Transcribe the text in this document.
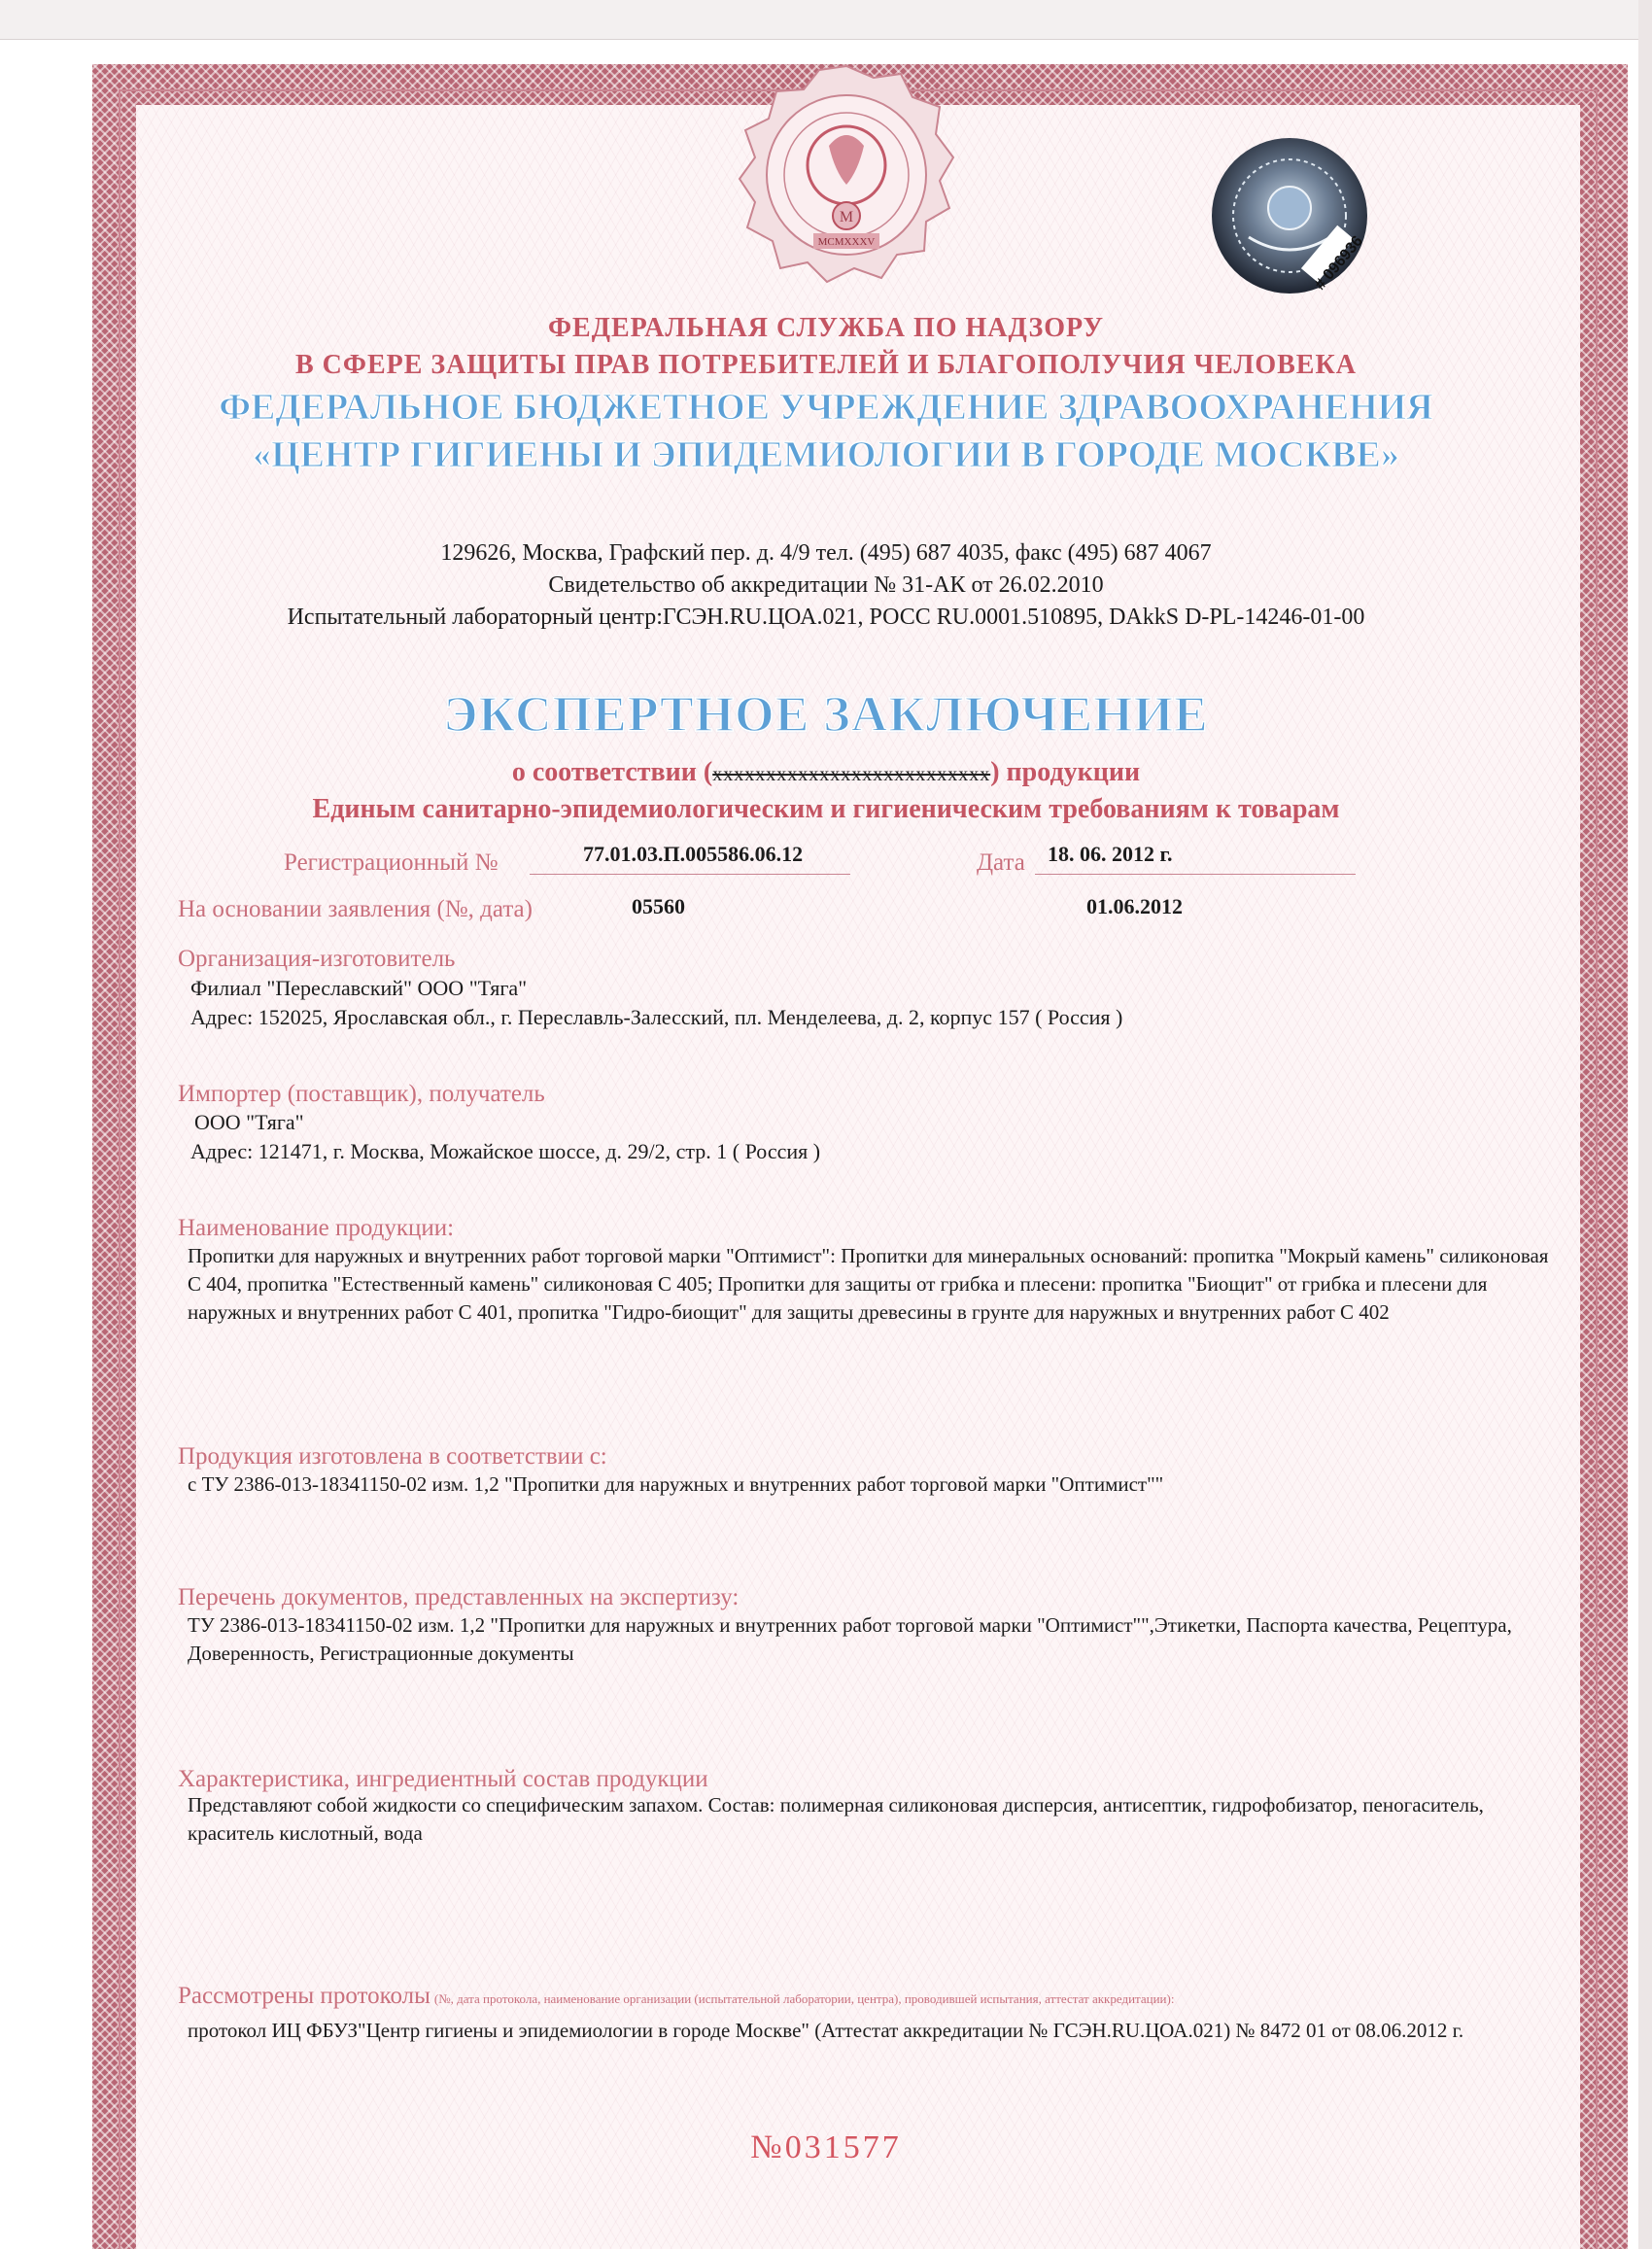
M
MCMXXXV	# 096936
ФЕДЕРАЛЬНАЯ СЛУЖБА ПО НАДЗОРУ
В СФЕРЕ ЗАЩИТЫ ПРАВ ПОТРЕБИТЕЛЕЙ И БЛАГОПОЛУЧИЯ ЧЕЛОВЕКА
ФЕДЕРАЛЬНОЕ БЮДЖЕТНОЕ УЧРЕЖДЕНИЕ ЗДРАВООХРАНЕНИЯ
«ЦЕНТР ГИГИЕНЫ И ЭПИДЕМИОЛОГИИ В ГОРОДЕ МОСКВЕ»
129626, Москва, Графский пер. д. 4/9 тел. (495) 687 4035, факс (495) 687 4067
Свидетельство об аккредитации № 31-АК от 26.02.2010
Испытательный лабораторный центр:ГСЭН.RU.ЦОА.021, РОСС RU.0001.510895, DAkkS D-PL-14246-01-00
ЭКСПЕРТНОЕ ЗАКЛЮЧЕНИЕ
о соответствии (xxxxxxxxxxxxxxxxxxxxxxxxxx) продукции
Единым санитарно-эпидемиологическим и гигиеническим требованиям к товарам
Регистрационный №	77.01.03.П.005586.06.12	Дата 18. 06. 2012 г.
На основании заявления (№, дата)	05560	01.06.2012
Организация-изготовитель
Филиал "Переславский" ООО "Тяга"
Адрес: 152025, Ярославская обл., г. Переславль-Залесский, пл. Менделеева, д. 2, корпус 157 ( Россия )
Импортер (поставщик), получатель
ООО "Тяга"
Адрес: 121471, г. Москва, Можайское шоссе, д. 29/2, стр. 1 ( Россия )
Наименование продукции:
Пропитки для наружных и внутренних работ торговой марки "Оптимист": Пропитки для минеральных оснований: пропитка "Мокрый камень" силиконовая С 404, пропитка "Естественный камень" силиконовая С 405; Пропитки для защиты от грибка и плесени: пропитка "Биощит" от грибка и плесени для наружных и внутренних работ С 401, пропитка "Гидро-биощит" для защиты древесины в грунте для наружных и внутренних работ С 402
Продукция изготовлена в соответствии с:
с ТУ 2386-013-18341150-02 изм. 1,2 "Пропитки для наружных и внутренних работ торговой марки "Оптимист""
Перечень документов, представленных на экспертизу:
ТУ 2386-013-18341150-02 изм. 1,2 "Пропитки для наружных и внутренних работ торговой марки "Оптимист"",Этикетки, Паспорта качества, Рецептура, Доверенность, Регистрационные документы
Характеристика, ингредиентный состав продукции
Представляют собой жидкости со специфическим запахом. Состав: полимерная силиконовая дисперсия, антисептик, гидрофобизатор, пеногаситель, краситель кислотный, вода
Рассмотрены протоколы (№, дата протокола, наименование организации (испытательной лаборатории, центра), проводившей испытания, аттестат аккредитации):
протокол ИЦ ФБУЗ"Центр гигиены и эпидемиологии в городе Москве" (Аттестат аккредитации № ГСЭН.RU.ЦОА.021) № 8472 01 от 08.06.2012 г.
№031577
